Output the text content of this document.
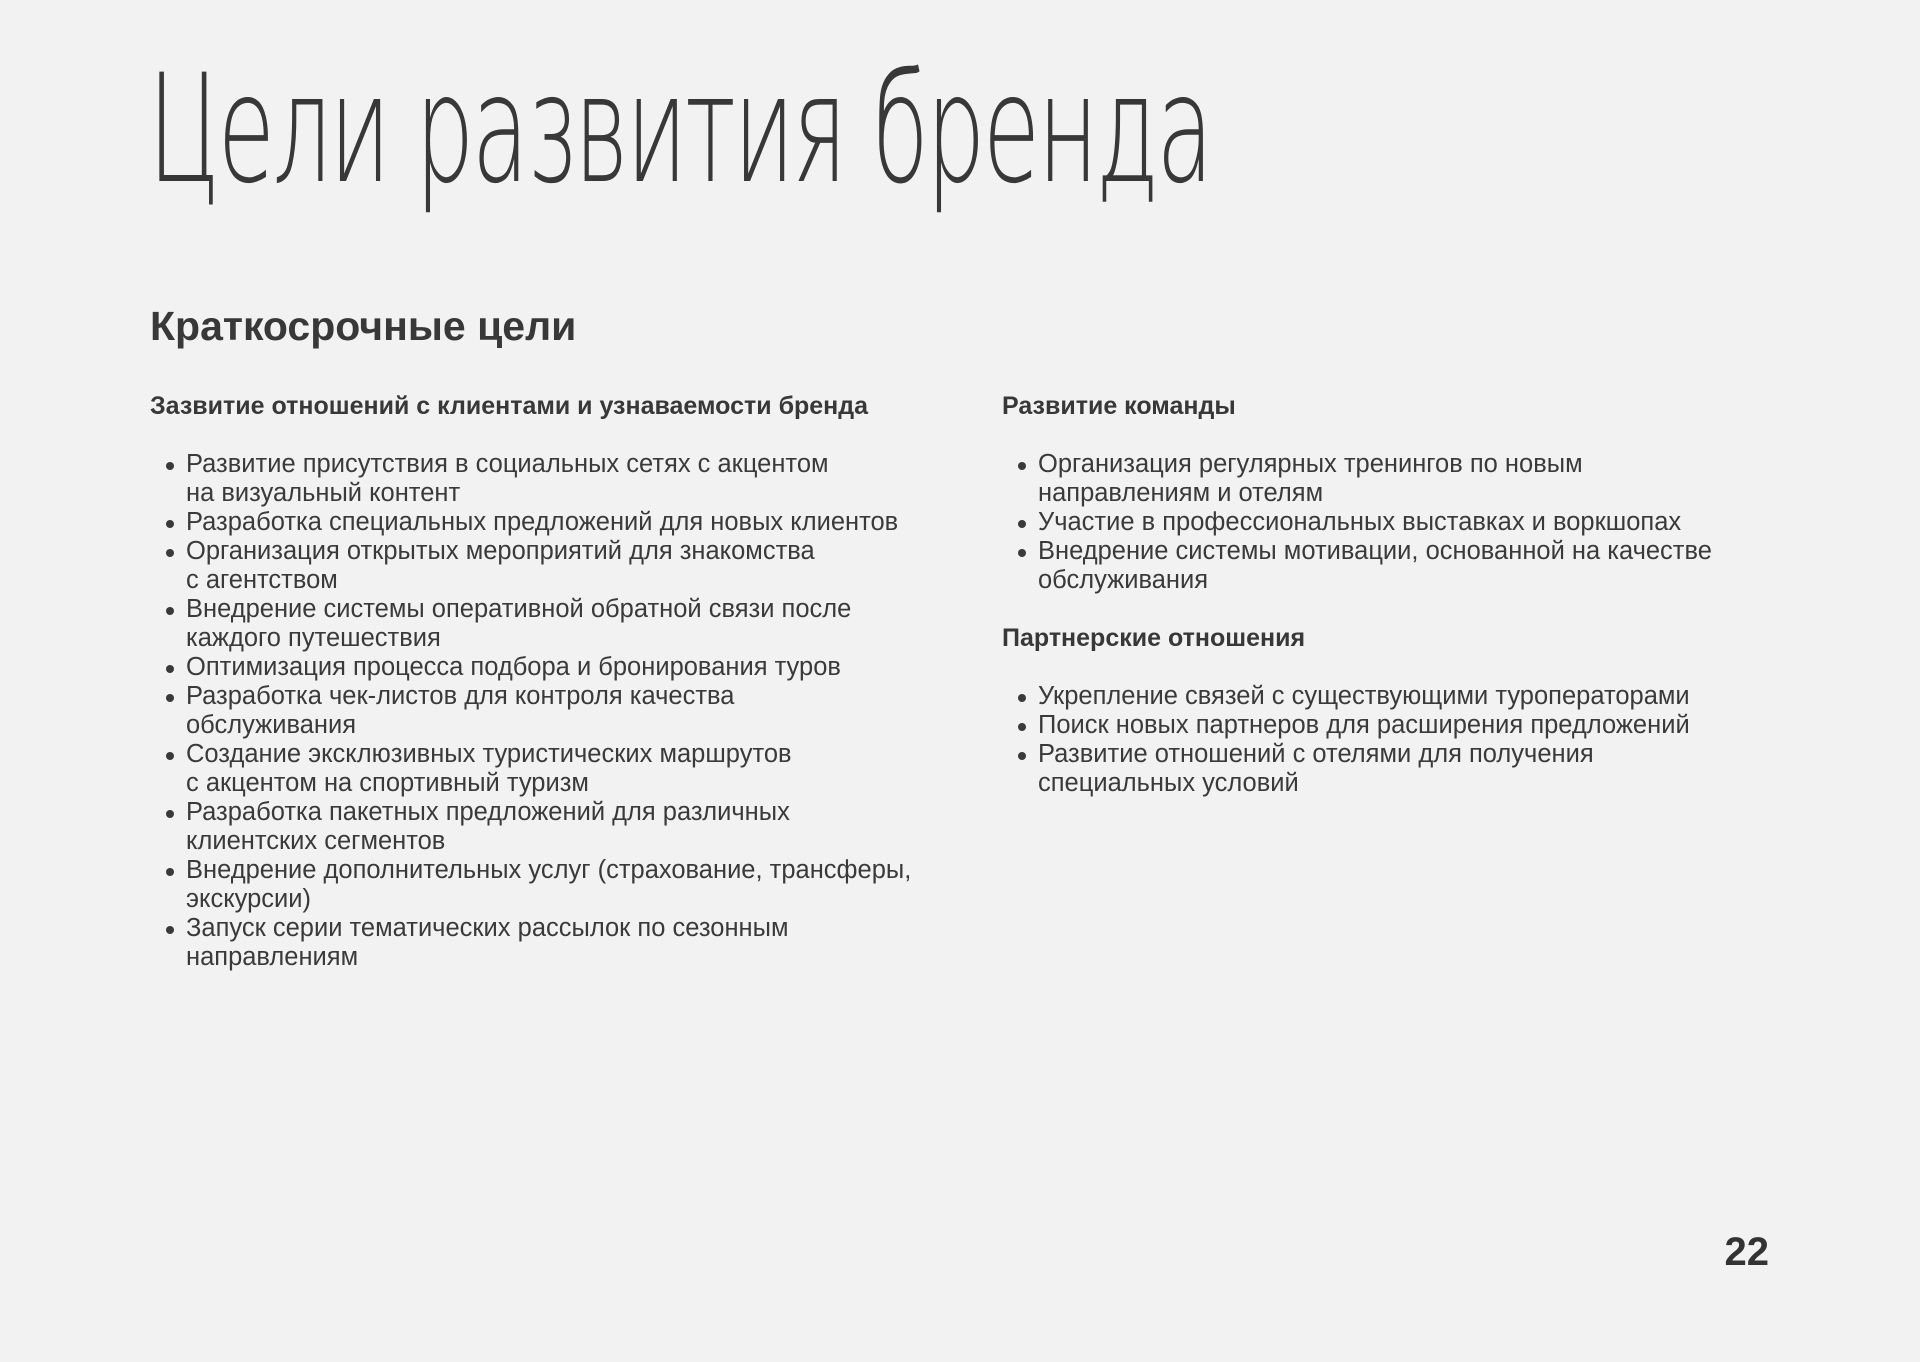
Цели развития бренда
Краткосрочные цели
Зазвитие отношений с клиентами и узнаваемости бренда
Развитие присутствия в социальных сетях с акцентом
на визуальный контент
Разработка специальных предложений для новых клиентов
Организация открытых мероприятий для знакомства
с агентством
Внедрение системы оперативной обратной связи после
каждого путешествия
Оптимизация процесса подбора и бронирования туров
Разработка чек-листов для контроля качества
обслуживания
Создание эксклюзивных туристических маршрутов
с акцентом на спортивный туризм
Разработка пакетных предложений для различных
клиентских сегментов
Внедрение дополнительных услуг (страхование, трансферы,
экскурсии)
Запуск серии тематических рассылок по сезонным
направлениям
Развитие команды
Организация регулярных тренингов по новым
направлениям и отелям
Участие в профессиональных выставках и воркшопах
Внедрение системы мотивации, основанной на качестве
обслуживания
Партнерские отношения
Укрепление связей с существующими туроператорами
Поиск новых партнеров для расширения предложений
Развитие отношений с отелями для получения
специальных условий
22
